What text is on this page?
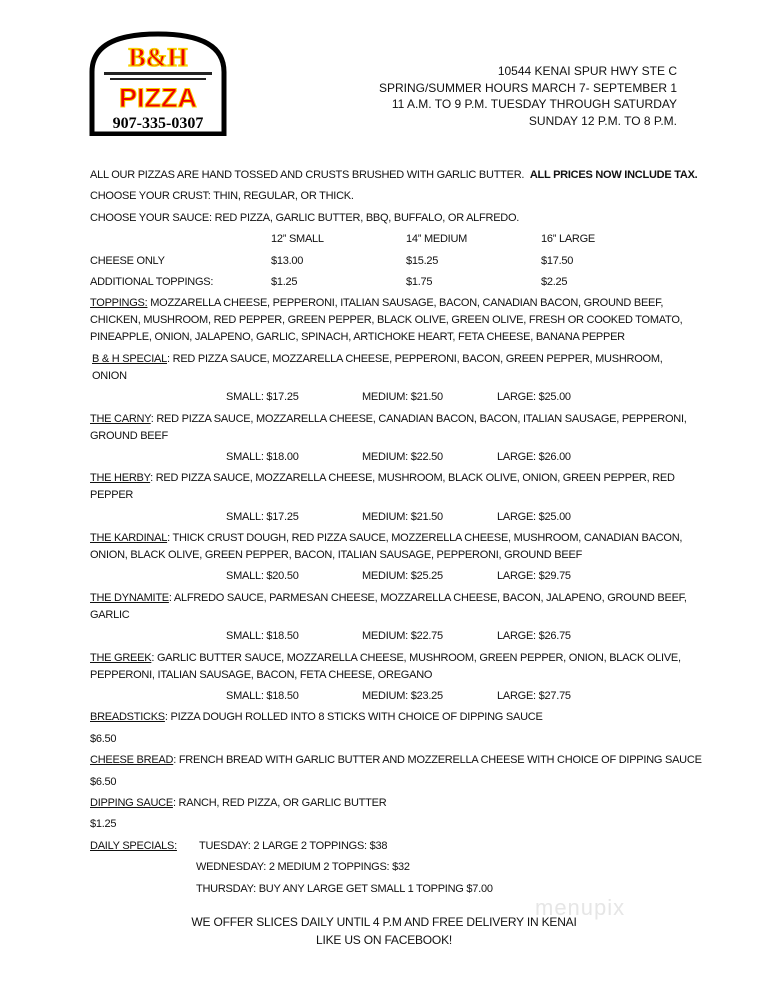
B&H
PIZZA
907-335-0307
10544 KENAI SPUR HWY STE C
SPRING/SUMMER HOURS MARCH 7- SEPTEMBER 1
11 A.M. TO 9 P.M. TUESDAY THROUGH SATURDAY
SUNDAY 12 P.M. TO 8 P.M.
ALL OUR PIZZAS ARE HAND TOSSED AND CRUSTS BRUSHED WITH GARLIC BUTTER. ALL PRICES NOW INCLUDE TAX.
CHOOSE YOUR CRUST: THIN, REGULAR, OR THICK.
CHOOSE YOUR SAUCE: RED PIZZA, GARLIC BUTTER, BBQ, BUFFALO, OR ALFREDO.
12” SMALL	14” MEDIUM	16” LARGE
CHEESE ONLY	$13.00	$15.25	$17.50
ADDITIONAL TOPPINGS:	$1.25	$1.75	$2.25
TOPPINGS: MOZZARELLA CHEESE, PEPPERONI, ITALIAN SAUSAGE, BACON, CANADIAN BACON, GROUND BEEF,
CHICKEN, MUSHROOM, RED PEPPER, GREEN PEPPER, BLACK OLIVE, GREEN OLIVE, FRESH OR COOKED TOMATO,
PINEAPPLE, ONION, JALAPENO, GARLIC, SPINACH, ARTICHOKE HEART, FETA CHEESE, BANANA PEPPER
B & H SPECIAL: RED PIZZA SAUCE, MOZZARELLA CHEESE, PEPPERONI, BACON, GREEN PEPPER, MUSHROOM,
ONION
SMALL: $17.25	MEDIUM: $21.50	LARGE: $25.00
THE CARNY: RED PIZZA SAUCE, MOZZARELLA CHEESE, CANADIAN BACON, BACON, ITALIAN SAUSAGE, PEPPERONI,
GROUND BEEF
SMALL: $18.00	MEDIUM: $22.50	LARGE: $26.00
THE HERBY: RED PIZZA SAUCE, MOZZARELLA CHEESE, MUSHROOM, BLACK OLIVE, ONION, GREEN PEPPER, RED
PEPPER
SMALL: $17.25	MEDIUM: $21.50	LARGE: $25.00
THE KARDINAL: THICK CRUST DOUGH, RED PIZZA SAUCE, MOZZERELLA CHEESE, MUSHROOM, CANADIAN BACON,
ONION, BLACK OLIVE, GREEN PEPPER, BACON, ITALIAN SAUSAGE, PEPPERONI, GROUND BEEF
SMALL: $20.50	MEDIUM: $25.25	LARGE: $29.75
THE DYNAMITE: ALFREDO SAUCE, PARMESAN CHEESE, MOZZARELLA CHEESE, BACON, JALAPENO, GROUND BEEF,
GARLIC
SMALL: $18.50	MEDIUM: $22.75	LARGE: $26.75
THE GREEK: GARLIC BUTTER SAUCE, MOZZARELLA CHEESE, MUSHROOM, GREEN PEPPER, ONION, BLACK OLIVE,
PEPPERONI, ITALIAN SAUSAGE, BACON, FETA CHEESE, OREGANO
SMALL: $18.50	MEDIUM: $23.25	LARGE: $27.75
BREADSTICKS: PIZZA DOUGH ROLLED INTO 8 STICKS WITH CHOICE OF DIPPING SAUCE
$6.50
CHEESE BREAD: FRENCH BREAD WITH GARLIC BUTTER AND MOZZERELLA CHEESE WITH CHOICE OF DIPPING SAUCE
$6.50
DIPPING SAUCE: RANCH, RED PIZZA, OR GARLIC BUTTER
$1.25
DAILY SPECIALS: TUESDAY: 2 LARGE 2 TOPPINGS: $38
WEDNESDAY: 2 MEDIUM 2 TOPPINGS: $32
THURSDAY: BUY ANY LARGE GET SMALL 1 TOPPING $7.00
menupix
WE OFFER SLICES DAILY UNTIL 4 P.M AND FREE DELIVERY IN KENAI
LIKE US ON FACEBOOK!
